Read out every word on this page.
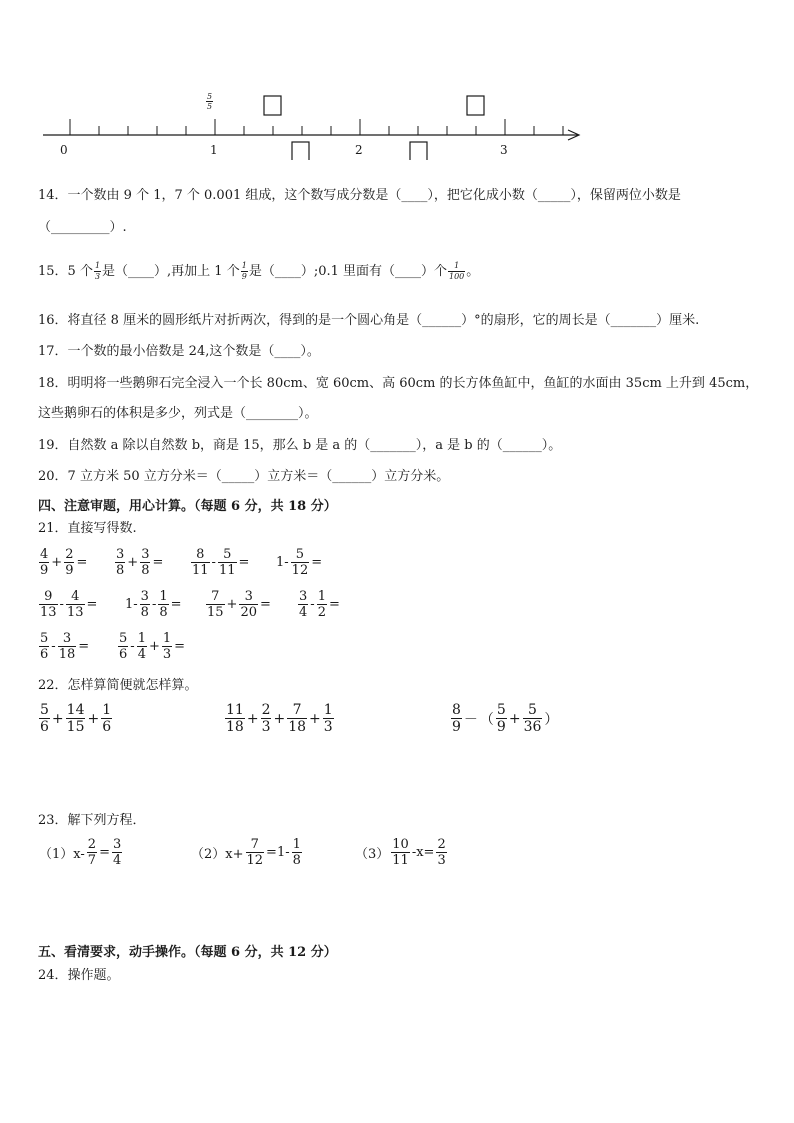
5
5
0	1	2	3
14．一个数由 9 个 1，7 个 0.001 组成，这个数写成分数是（____），把它化成小数（_____），保留两位小数是
（_________）.
15．5 个 $\frac{1}{3}$ 是（____）,再加上 1 个 $\frac{1}{9}$ 是（____）;0.1 里面有（____）个 $\frac{1}{100}$ 。
16．将直径 8 厘米的圆形纸片对折两次，得到的是一个圆心角是（______）°的扇形，它的周长是（_______）厘米.
17．一个数的最小倍数是 24,这个数是（____）。
18．明明将一些鹅卵石完全浸入一个长 80cm、宽 60cm、高 60cm 的长方体鱼缸中，鱼缸的水面由 35cm 上升到 45cm，
这些鹅卵石的体积是多少，列式是（________）。
19．自然数 a 除以自然数 b，商是 15，那么 b 是 a 的（_______），a 是 b 的（______）。
20．7 立方米 50 立方分米＝（_____）立方米＝（______）立方分米。
四、注意审题，用心计算。（每题 6 分，共 18 分）
21．直接写得数.
$\frac{4}{9} + \frac{2}{9} = \frac{3}{8} + \frac{3}{8} = \frac{8}{11} - \frac{5}{11} = 1- \frac{5}{12}$ =
$\frac{9}{13} - \frac{4}{13} = 1- \frac{3}{8} - \frac{1}{8} = \frac{7}{15} + \frac{3}{20} = \frac{3}{4} - \frac{1}{2}$ =
$\frac{5}{6} - \frac{3}{18} = \frac{5}{6} - \frac{1}{4} + \frac{1}{3}$ =
22．怎样算简便就怎样算。
$\frac{5}{6} + \frac{14}{15} + \frac{1}{6}$	$\frac{11}{18} + \frac{2}{3} + \frac{7}{18} + \frac{1}{3}$	$\frac{8}{9}$ － （ $\frac{5}{9} + \frac{5}{36}$ ）
23．解下列方程．
$(1)x- \frac{2}{7} = \frac{3}{4}$	$(2)x+ \frac{7}{12} =1- \frac{1}{8}$	$(3) \frac{10}{11} -x= \frac{2}{3}$
五、看清要求，动手操作。（每题 6 分，共 12 分）
24．操作题。
